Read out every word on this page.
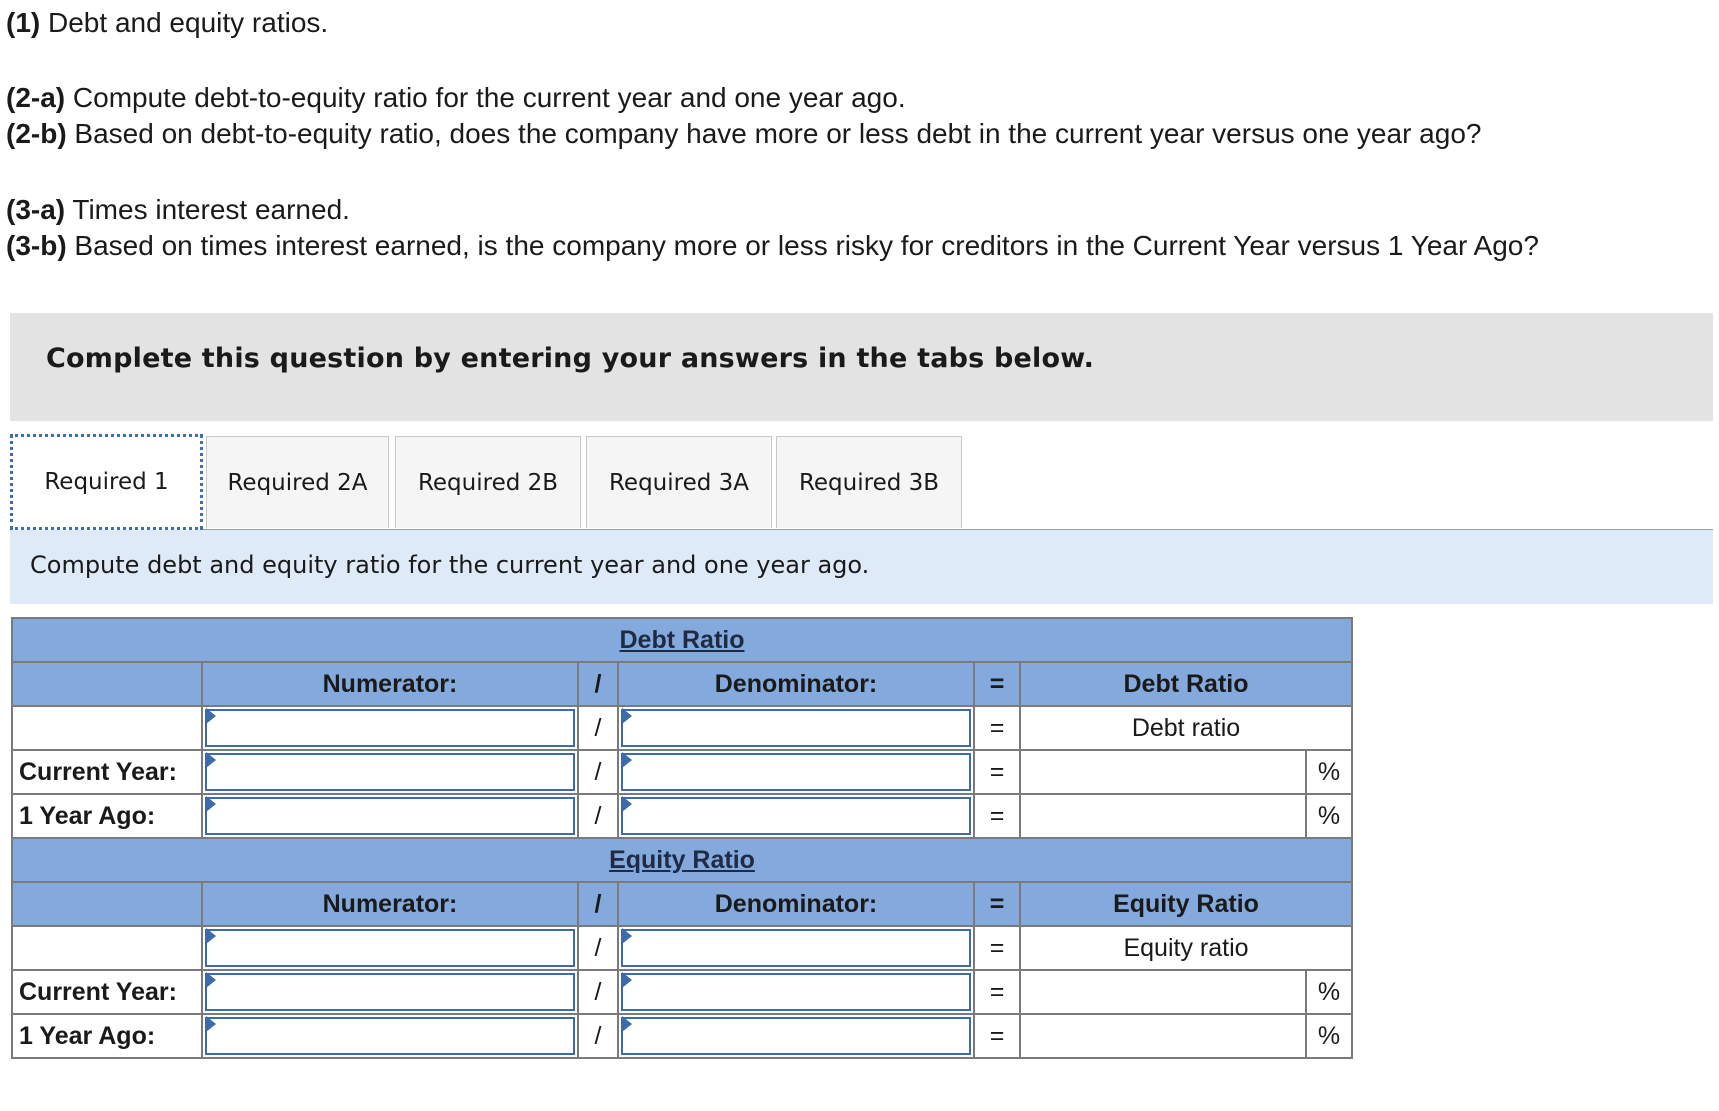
(1) Debt and equity ratios.
(2-a) Compute debt-to-equity ratio for the current year and one year ago.
(2-b) Based on debt-to-equity ratio, does the company have more or less debt in the current year versus one year ago?
(3-a) Times interest earned.
(3-b) Based on times interest earned, is the company more or less risky for creditors in the Current Year versus 1 Year Ago?
Complete this question by entering your answers in the tabs below.
Required 1	Required 2A	Required 2B	Required 3A	Required 3B
Compute debt and equity ratio for the current year and one year ago.
Debt Ratio						
	Numerator:	/	Denominator:	=	Debt Ratio	

	/		=	Debt ratio	
Current Year:		/		=		%
1 Year Ago:		/		=		%
Equity Ratio						
	Numerator:	/	Denominator:	=	Equity Ratio	

	/		=	Equity ratio	
Current Year:		/		=		%
1 Year Ago:		/		=		%
